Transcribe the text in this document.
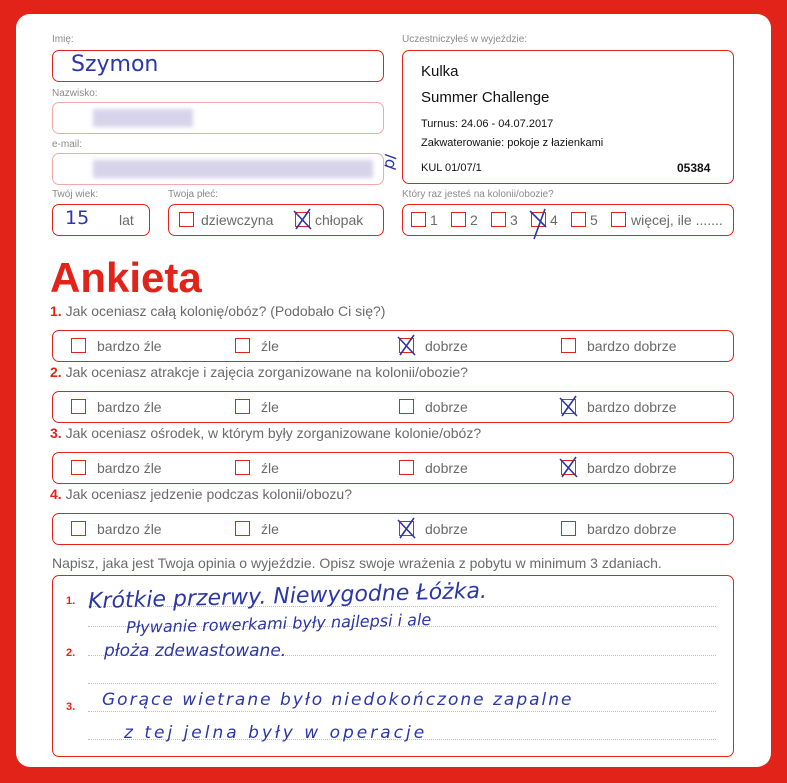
Imię:
Szymon
Nazwisko:
e-mail:
pl
Twój wiek:
15 lat
Twoja płeć:
dziewczyna	chłopak
Uczestniczyłeś w wyjeździe:
Kulka
Summer Challenge
Turnus: 24.06 - 04.07.2017
Zakwaterowanie: pokoje z łazienkami
KUL 01/07/1	05384
Który raz jesteś na kolonii/obozie?
1 2 3 4 5 więcej, ile .......
Ankieta
1. Jak oceniasz całą kolonię/obóz? (Podobało Ci się?)
bardzo źle	źle	dobrze	bardzo dobrze
2. Jak oceniasz atrakcje i zajęcia zorganizowane na kolonii/obozie?
bardzo źle	źle	dobrze	bardzo dobrze
3. Jak oceniasz ośrodek, w którym były zorganizowane kolonie/obóz?
bardzo źle	źle	dobrze	bardzo dobrze
4. Jak oceniasz jedzenie podczas kolonii/obozu?
bardzo źle	źle	dobrze	bardzo dobrze
Napisz, jaka jest Twoja opinia o wyjeździe. Opisz swoje wrażenia z pobytu w minimum 3 zdaniach.
1.
2.
3.
Krótkie przerwy. Niewygodne Łóżka.
Pływanie rowerkami były najlepsi i ale
płoża zdewastowane.
Gorące wietrane było niedokończone zapalne
z tej jelna były w operacje
